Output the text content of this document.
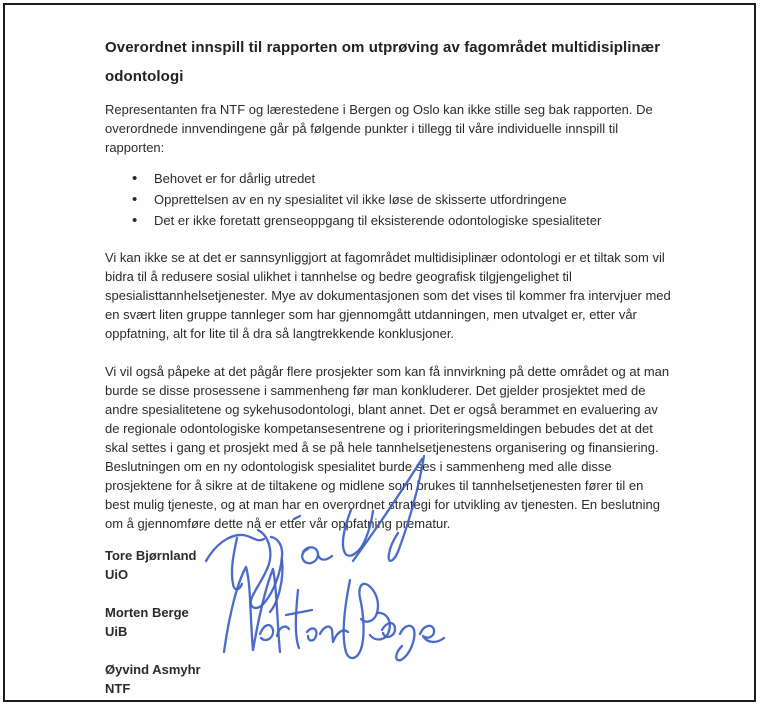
Overordnet innspill til rapporten om utprøving av fagområdet multidisiplinær odontologi

Representanten fra NTF og lærestedene i Bergen og Oslo kan ikke stille seg bak rapporten. De overordnede innvendingene går på følgende punkter i tillegg til våre individuelle innspill til rapporten:

• Behovet er for dårlig utredet
• Opprettelsen av en ny spesialitet vil ikke løse de skisserte utfordringene
• Det er ikke foretatt grenseoppgang til eksisterende odontologiske spesialiteter

Vi kan ikke se at det er sannsynliggjort at fagområdet multidisiplinær odontologi er et tiltak som vil bidra til å redusere sosial ulikhet i tannhelse og bedre geografisk tilgjengelighet til spesialisttannhelsetjenester. Mye av dokumentasjonen som det vises til kommer fra intervjuer med en svært liten gruppe tannleger som har gjennomgått utdanningen, men utvalget er, etter vår oppfatning, alt for lite til å dra så langtrekkende konklusjoner.

Vi vil også påpeke at det pågår flere prosjekter som kan få innvirkning på dette området og at man burde se disse prosessene i sammenheng før man konkluderer. Det gjelder prosjektet med de andre spesialitetene og sykehusodontologi, blant annet. Det er også berammet en evaluering av de regionale odontologiske kompetansesentrene og i prioriteringsmeldingen bebudes det at det skal settes i gang et prosjekt med å se på hele tannhelsetjenestens organisering og finansiering. Beslutningen om en ny odontologisk spesialitet burde ses i sammenheng med alle disse prosjektene for å sikre at de tiltakene og midlene som brukes til tannhelsetjenesten fører til en best mulig tjeneste, og at man har en overordnet strategi for utvikling av tjenesten. En beslutning om å gjennomføre dette nå er etter vår oppfatning prematur.

Tore Bjørnland
UiO
Morten Berge
UiB
Øyvind Asmyhr
NTF
